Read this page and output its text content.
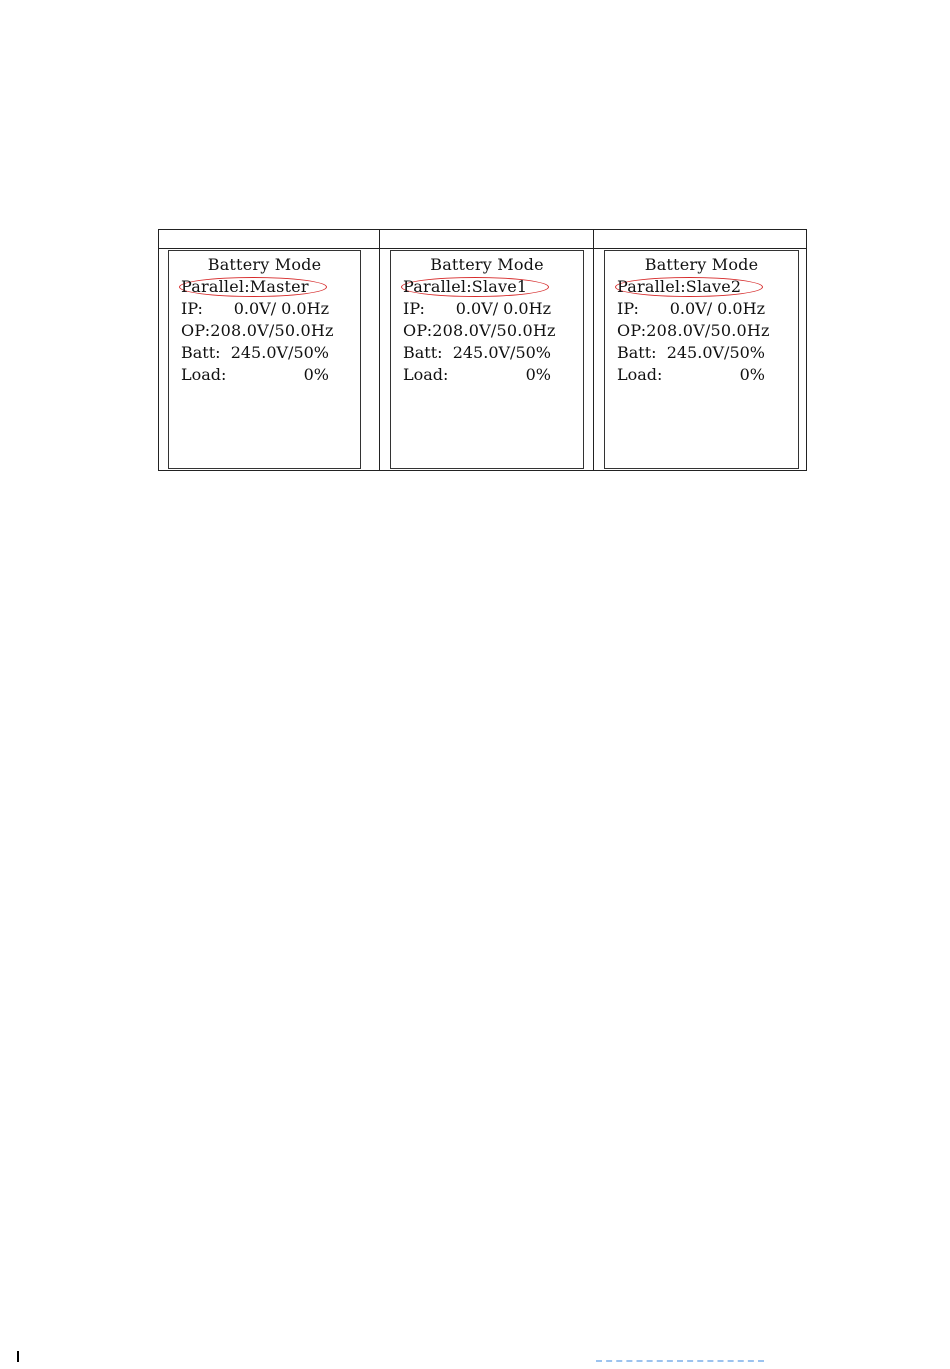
Battery Mode
Parallel:Master
IP: 0.0V/ 0.0Hz
OP:208.0V/50.0Hz
Batt: 245.0V/50%
Load:	0%
Battery Mode
Parallel:Slave1
IP: 0.0V/ 0.0Hz
OP:208.0V/50.0Hz
Batt: 245.0V/50%
Load:	0%
Battery Mode
Parallel:Slave2
IP: 0.0V/ 0.0Hz
OP:208.0V/50.0Hz
Batt: 245.0V/50%
Load:	0%
